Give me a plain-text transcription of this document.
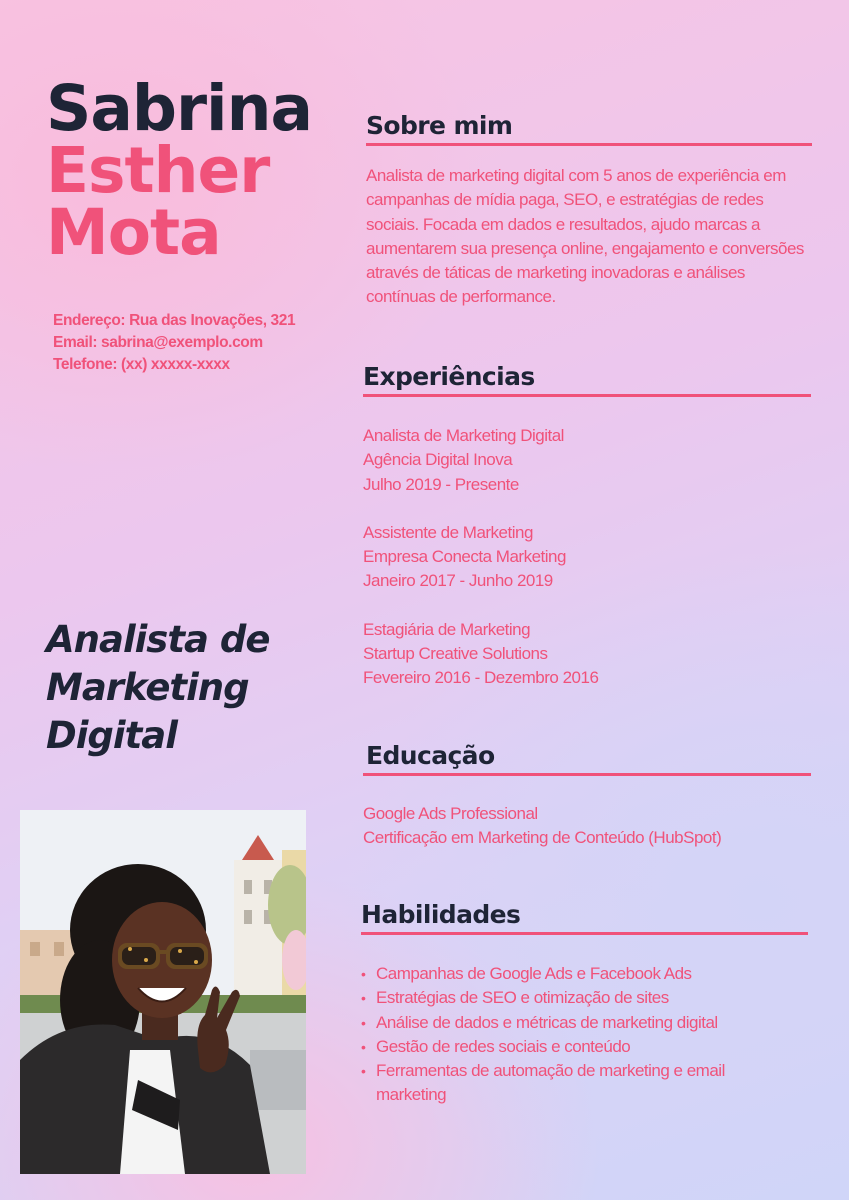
Sabrina
Esther
Mota
Endereço: Rua das Inovações, 321
Email: sabrina@exemplo.com
Telefone: (xx) xxxxx-xxxx
Analista de Marketing Digital
Sobre mim
Analista de marketing digital com 5 anos de experiência em campanhas de mídia paga, SEO, e estratégias de redes sociais. Focada em dados e resultados, ajudo marcas a aumentarem sua presença online, engajamento e conversões através de táticas de marketing inovadoras e análises contínuas de performance.
Experiências
Analista de Marketing Digital
Agência Digital Inova
Julho 2019 - Presente
Assistente de Marketing
Empresa Conecta Marketing
Janeiro 2017 - Junho 2019
Estagiária de Marketing
Startup Creative Solutions
Fevereiro 2016 - Dezembro 2016
Educação
Google Ads Professional
Certificação em Marketing de Conteúdo (HubSpot)
Habilidades
• Campanhas de Google Ads e Facebook Ads
• Estratégias de SEO e otimização de sites
• Análise de dados e métricas de marketing digital
• Gestão de redes sociais e conteúdo
• Ferramentas de automação de marketing e email marketing
